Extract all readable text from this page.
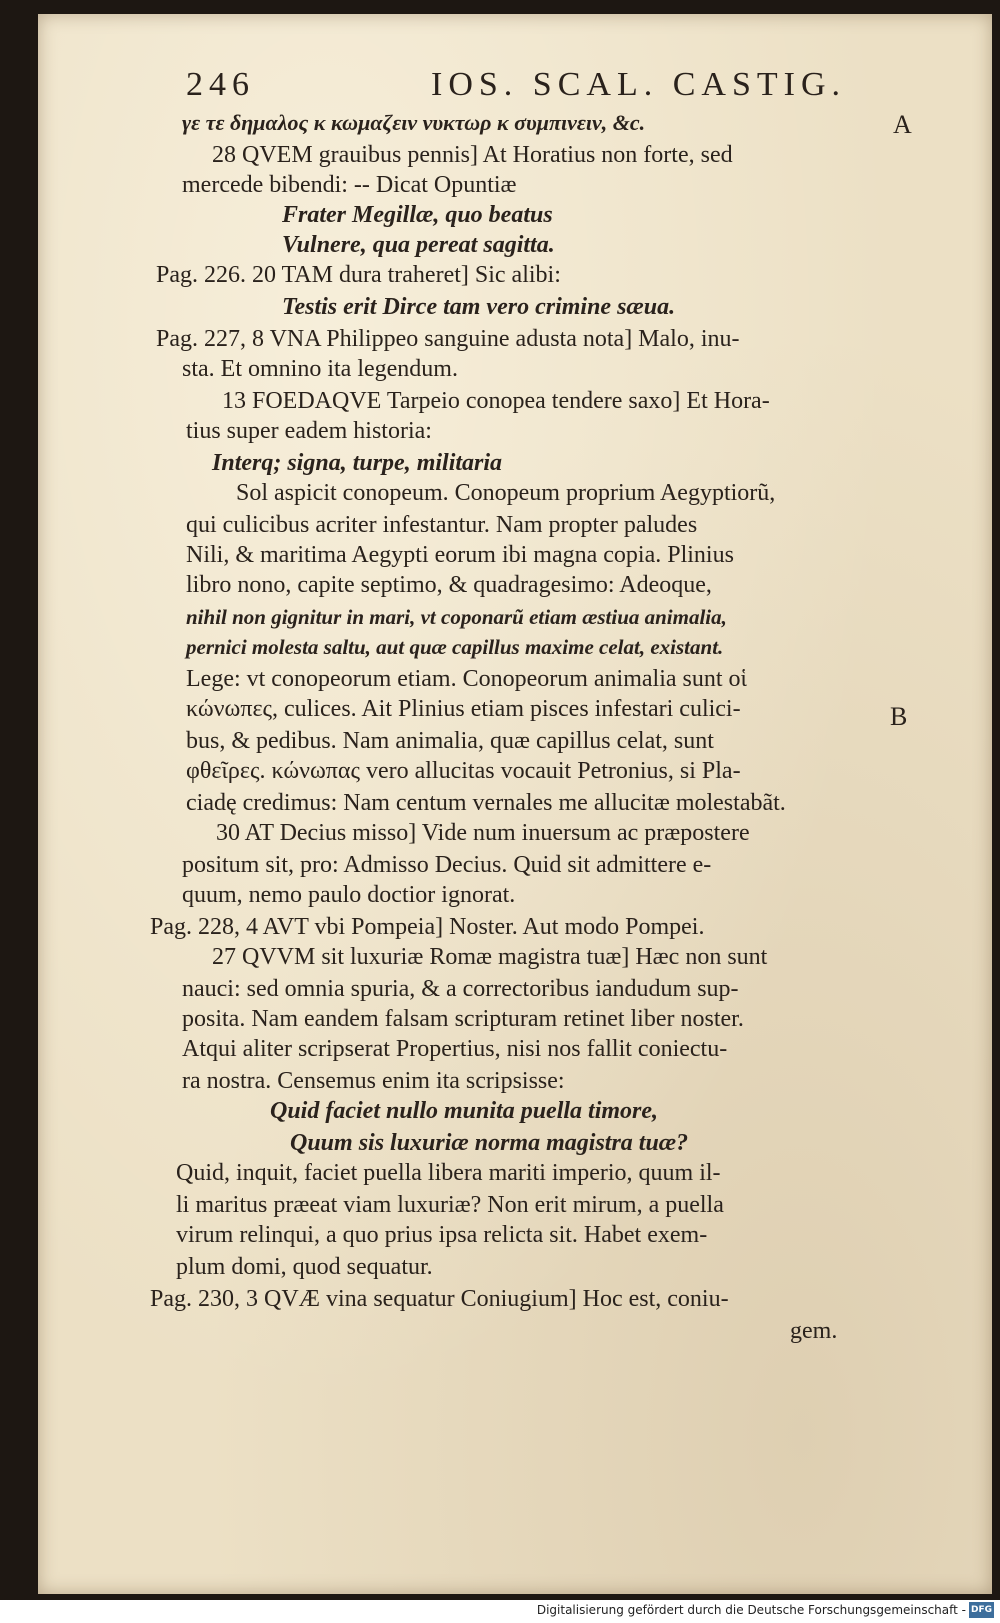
246	IOS. SCAL. CASTIG.
A
B
γε τε δημαλος κ κωμαζειν νυκτωρ κ συμπινειν, &c.
28 QVEM grauibus pennis] At Horatius non forte, sed
mercede bibendi: -- Dicat Opuntiæ
Frater Megillæ, quo beatus
Vulnere, qua pereat sagitta.
Pag. 226. 20 TAM dura traheret] Sic alibi:
Testis erit Dirce tam vero crimine sæua.
Pag. 227, 8 VNA Philippeo sanguine adusta nota] Malo, inu-
sta. Et omnino ita legendum.
13 FOEDAQVE Tarpeio conopea tendere saxo] Et Hora-
tius super eadem historia:
Interq; signa, turpe, militaria
Sol aspicit conopeum. Conopeum proprium Aegyptiorũ,
qui culicibus acriter infestantur. Nam propter paludes
Nili, & maritima Aegypti eorum ibi magna copia. Plinius
libro nono, capite septimo, & quadragesimo: Adeoque,
nihil non gignitur in mari, vt coponarũ etiam æstiua animalia,
pernici molesta saltu, aut quæ capillus maxime celat, existant.
Lege: vt conopeorum etiam. Conopeorum animalia sunt οἱ
κώνωπες, culices. Ait Plinius etiam pisces infestari culici-
bus, & pedibus. Nam animalia, quæ capillus celat, sunt
φθεῖρες. κώνωπας vero allucitas vocauit Petronius, si Pla-
ciadę credimus: Nam centum vernales me allucitæ molestabãt.
30 AT Decius misso] Vide num inuersum ac præpostere
positum sit, pro: Admisso Decius. Quid sit admittere e-
quum, nemo paulo doctior ignorat.
Pag. 228, 4 AVT vbi Pompeia] Noster. Aut modo Pompei.
27 QVVM sit luxuriæ Romæ magistra tuæ] Hæc non sunt
nauci: sed omnia spuria, & a correctoribus iandudum sup-
posita. Nam eandem falsam scripturam retinet liber noster.
Atqui aliter scripserat Propertius, nisi nos fallit coniectu-
ra nostra. Censemus enim ita scripsisse:
Quid faciet nullo munita puella timore,
Quum sis luxuriæ norma magistra tuæ?
Quid, inquit, faciet puella libera mariti imperio, quum il-
li maritus præeat viam luxuriæ? Non erit mirum, a puella
virum relinqui, a quo prius ipsa relicta sit. Habet exem-
plum domi, quod sequatur.
Pag. 230, 3 QVÆ vina sequatur Coniugium] Hoc est, coniu-
gem.
Digitalisierung gefördert durch die Deutsche Forschungsgemeinschaft - DFG
